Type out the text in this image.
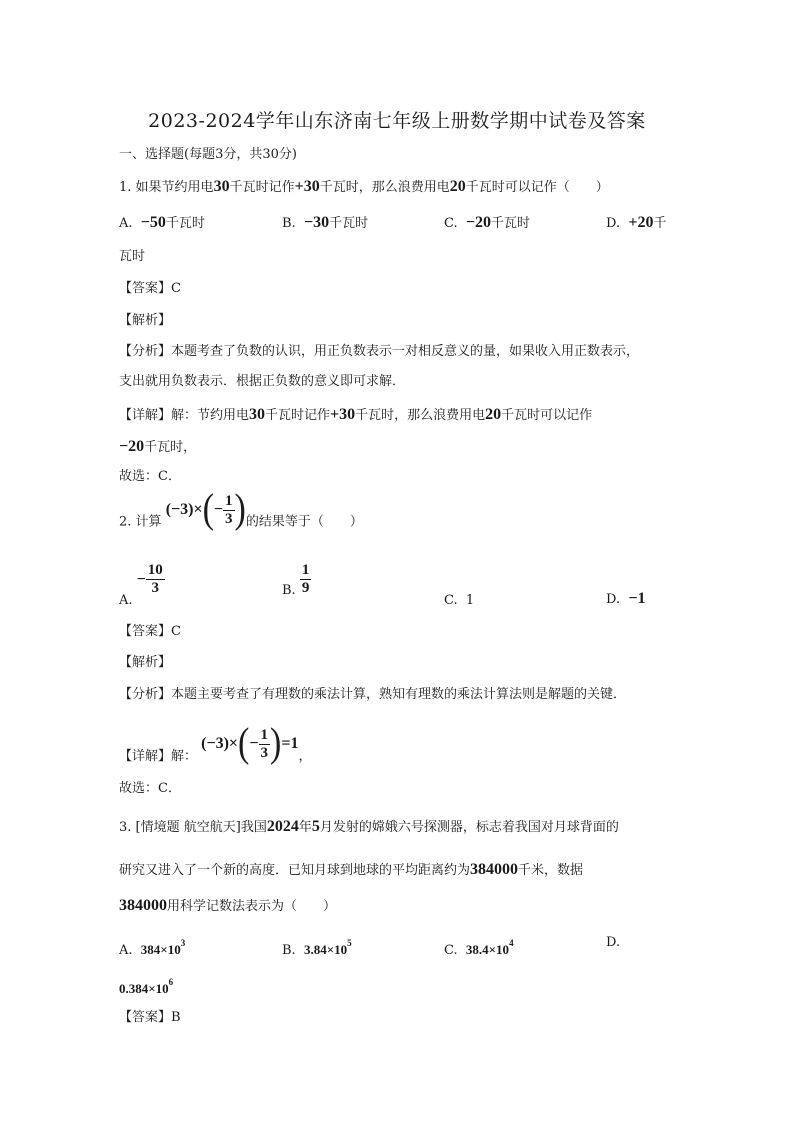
2023-2024学年山东济南七年级上册数学期中试卷及答案
一、选择题(每题3分，共30分)
1. 如果节约用电30千瓦时记作+30千瓦时，那么浪费用电20千瓦时可以记作（　　）
A. −50千瓦时	B. −30千瓦时	C. −20千瓦时	D. +20千
瓦时
【答案】C
【解析】
【分析】本题考查了负数的认识，用正负数表示一对相反意义的量，如果收入用正数表示，
支出就用负数表示．根据正负数的意义即可求解．
【详解】解：节约用电30千瓦时记作+30千瓦时，那么浪费用电20千瓦时可以记作
−20千瓦时，
故选：C．
2. 计算
(−3)× ( − $\frac{1}{3}$ ) 的结果等于（　　）
A.
− $\frac{10}{3}$	B. $\frac{1}{9}$
C. 1	D. −1
【答案】C
【解析】
【分析】本题主要考查了有理数的乘法计算，熟知有理数的乘法计算法则是解题的关键．
【详解】解：
(−3)× ( − $\frac{1}{3}$ ) =1
，
故选：C．
3. [情境题 航空航天]我国2024年5月发射的嫦娥六号探测器，标志着我国对月球背面的
研究又进入了一个新的高度．已知月球到地球的平均距离约为384000千米，数据
384000用科学记数法表示为（　　）
A. $384\times 10^3$	B. $3.84\times 10^5$	C. $38.4\times 10^4$	D.
$0.384\times 10^6$
【答案】B
